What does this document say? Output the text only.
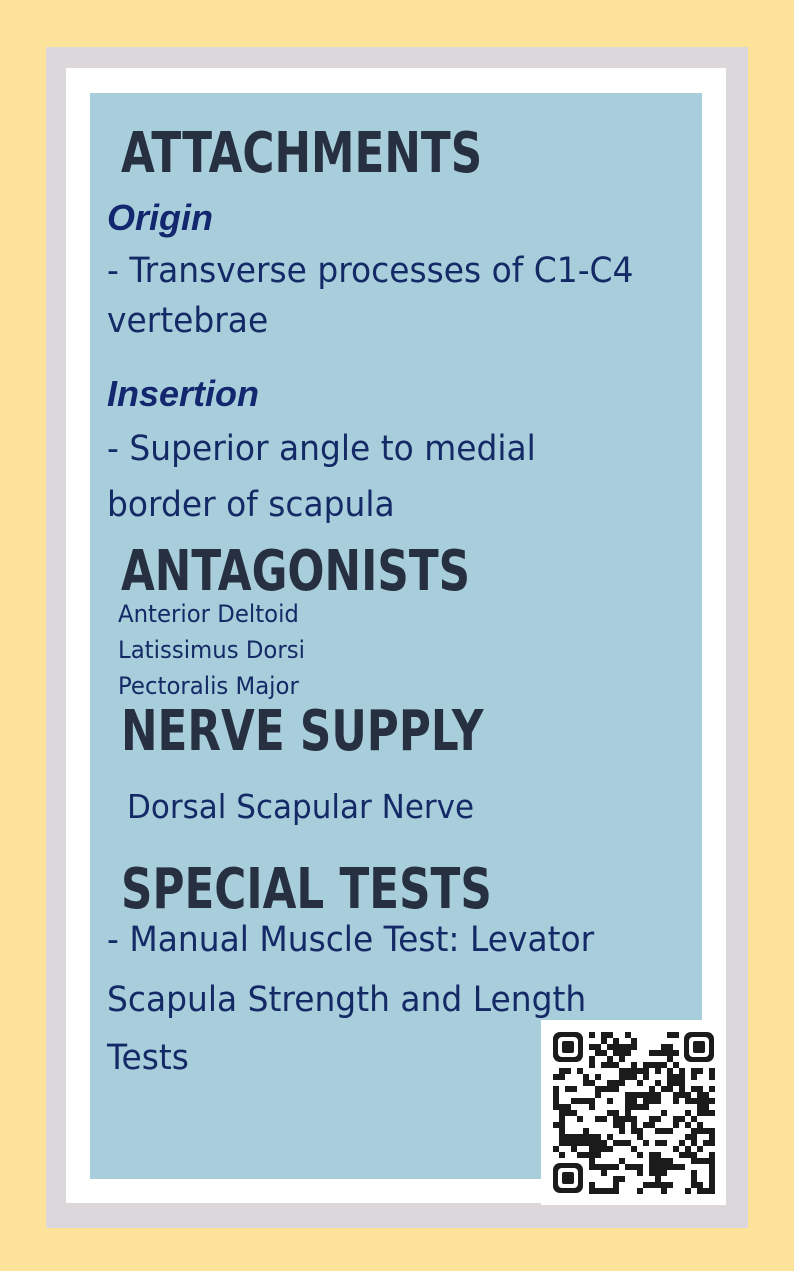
ATTACHMENTS
Origin
- Transverse processes of C1-C4
vertebrae
Insertion
- Superior angle to medial
border of scapula
ANTAGONISTS
Anterior Deltoid
Latissimus Dorsi
Pectoralis Major
NERVE SUPPLY
Dorsal Scapular Nerve
SPECIAL TESTS
- Manual Muscle Test: Levator
Scapula Strength and Length
Tests
